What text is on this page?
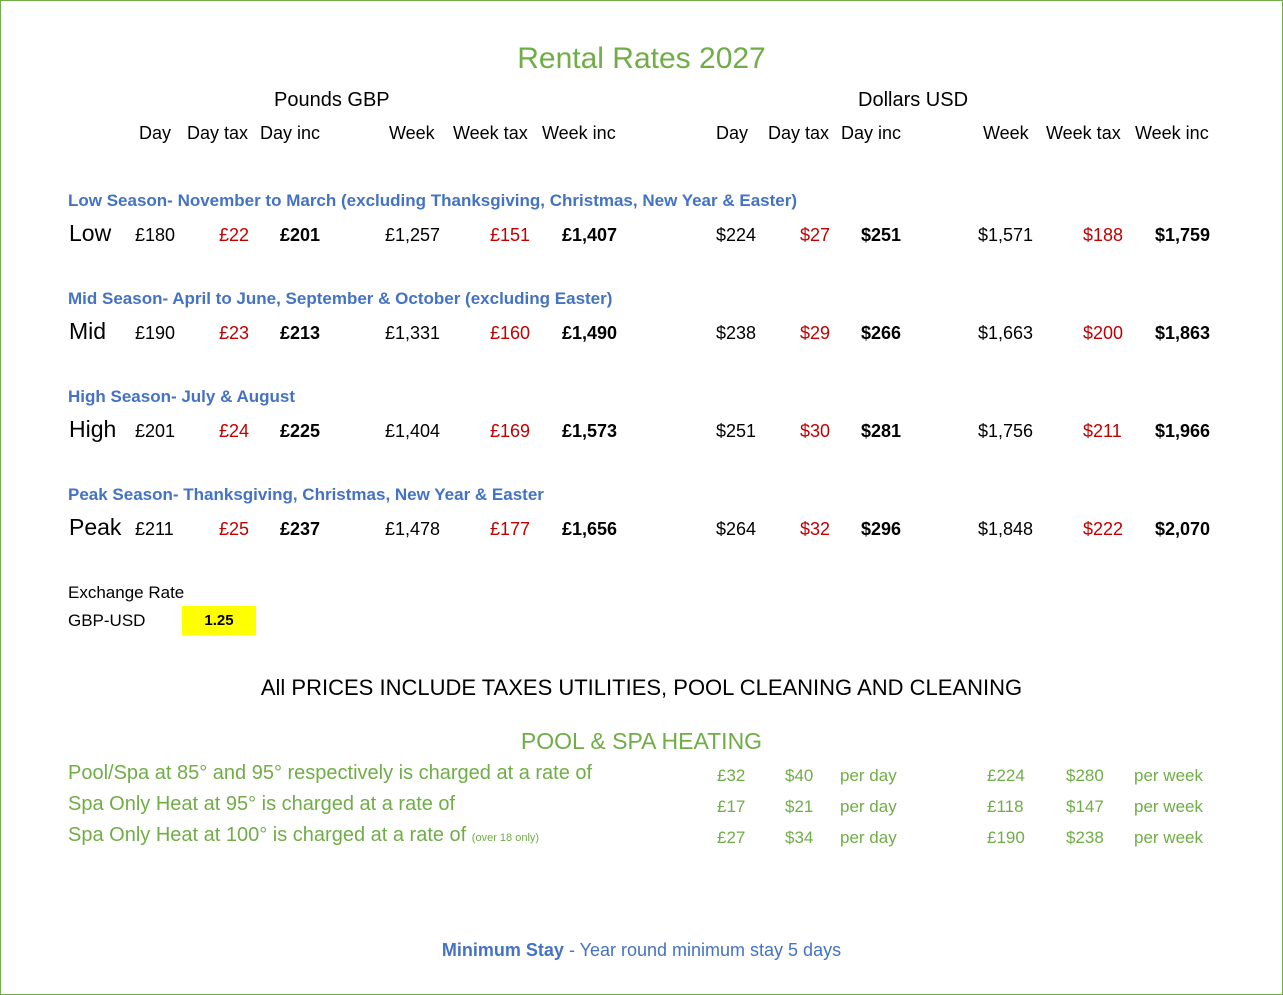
Rental Rates 2027
Pounds GBP	Dollars USD
Day Day tax Day inc	Week Week tax Week inc	Day Day tax Day inc	Week Week tax Week inc
Low Season- November to March (excluding Thanksgiving, Christmas, New Year & Easter)
Low £180 £22 £201	£1,257	£151 £1,407	$224 $27 $251	$1,571	$188 $1,759
Mid Season- April to June, September & October (excluding Easter)
Mid £190 £23 £213	£1,331	£160 £1,490	$238 $29 $266	$1,663	$200 $1,863
High Season- July & August
High £201 £24 £225	£1,404	£169 £1,573	$251 $30 $281	$1,756	$211 $1,966
Peak Season- Thanksgiving, Christmas, New Year & Easter
Peak £211	£25 £237	£1,478	£177 £1,656	$264 $32 $296	$1,848	$222 $2,070
Exchange Rate
GBP-USD	1.25
All PRICES INCLUDE TAXES UTILITIES, POOL CLEANING AND CLEANING
POOL & SPA HEATING
Pool/Spa at 85° and 95° respectively is charged at a rate of	£32 $40 per day	£224 $280 per week
Spa Only Heat at 95° is charged at a rate of	£17 $21 per day	£118 $147 per week
Spa Only Heat at 100° is charged at a rate of (over 18 only)	£27 $34 per day	£190 $238 per week
Minimum Stay - Year round minimum stay 5 days
